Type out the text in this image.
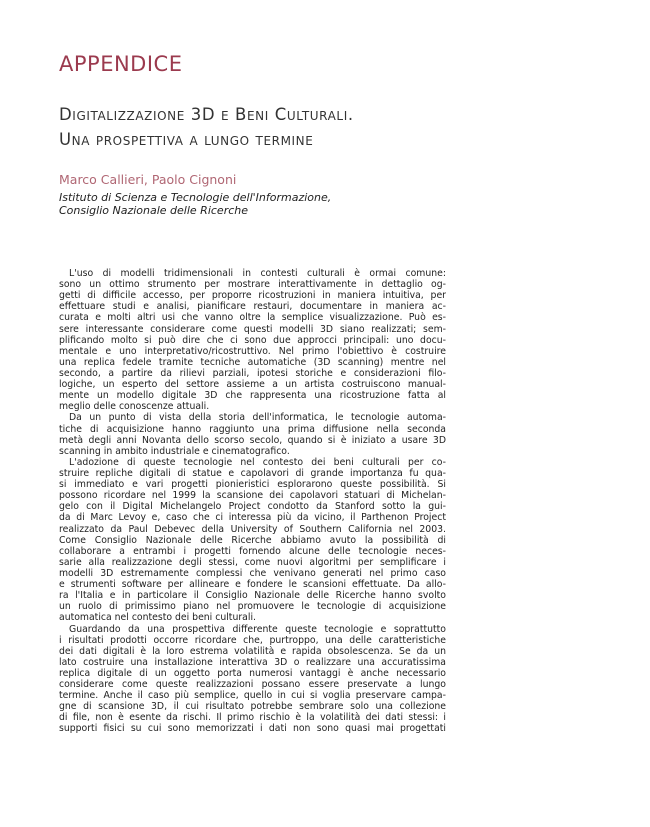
APPENDICE
Digitalizzazione 3D e Beni Culturali.
Una prospettiva a lungo termine
Marco Callieri, Paolo Cignoni
Istituto di Scienza e Tecnologie dell'Informazione,
Consiglio Nazionale delle Ricerche
L'uso di modelli tridimensionali in contesti culturali è ormai comune:
sono un ottimo strumento per mostrare interattivamente in dettaglio og-
getti di difficile accesso, per proporre ricostruzioni in maniera intuitiva, per
effettuare studi e analisi, pianificare restauri, documentare in maniera ac-
curata e molti altri usi che vanno oltre la semplice visualizzazione. Può es-
sere interessante considerare come questi modelli 3D siano realizzati; sem-
plificando molto si può dire che ci sono due approcci principali: uno docu-
mentale e uno interpretativo/ricostruttivo. Nel primo l'obiettivo è costruire
una replica fedele tramite tecniche automatiche (3D scanning) mentre nel
secondo, a partire da rilievi parziali, ipotesi storiche e considerazioni filo-
logiche, un esperto del settore assieme a un artista costruiscono manual-
mente un modello digitale 3D che rappresenta una ricostruzione fatta al
meglio delle conoscenze attuali.
Da un punto di vista della storia dell'informatica, le tecnologie automa-
tiche di acquisizione hanno raggiunto una prima diffusione nella seconda
metà degli anni Novanta dello scorso secolo, quando si è iniziato a usare 3D
scanning in ambito industriale e cinematografico.
L'adozione di queste tecnologie nel contesto dei beni culturali per co-
struire repliche digitali di statue e capolavori di grande importanza fu qua-
si immediato e vari progetti pionieristici esplorarono queste possibilità. Si
possono ricordare nel 1999 la scansione dei capolavori statuari di Michelan-
gelo con il Digital Michelangelo Project condotto da Stanford sotto la gui-
da di Marc Levoy e, caso che ci interessa più da vicino, il Parthenon Project
realizzato da Paul Debevec della University of Southern California nel 2003.
Come Consiglio Nazionale delle Ricerche abbiamo avuto la possibilità di
collaborare a entrambi i progetti fornendo alcune delle tecnologie neces-
sarie alla realizzazione degli stessi, come nuovi algoritmi per semplificare i
modelli 3D estremamente complessi che venivano generati nel primo caso
e strumenti software per allineare e fondere le scansioni effettuate. Da allo-
ra l'Italia e in particolare il Consiglio Nazionale delle Ricerche hanno svolto
un ruolo di primissimo piano nel promuovere le tecnologie di acquisizione
automatica nel contesto dei beni culturali.
Guardando da una prospettiva differente queste tecnologie e soprattutto
i risultati prodotti occorre ricordare che, purtroppo, una delle caratteristiche
dei dati digitali è la loro estrema volatilità e rapida obsolescenza. Se da un
lato costruire una installazione interattiva 3D o realizzare una accuratissima
replica digitale di un oggetto porta numerosi vantaggi è anche necessario
considerare come queste realizzazioni possano essere preservate a lungo
termine. Anche il caso più semplice, quello in cui si voglia preservare campa-
gne di scansione 3D, il cui risultato potrebbe sembrare solo una collezione
di file, non è esente da rischi. Il primo rischio è la volatilità dei dati stessi: i
supporti fisici su cui sono memorizzati i dati non sono quasi mai progettati
